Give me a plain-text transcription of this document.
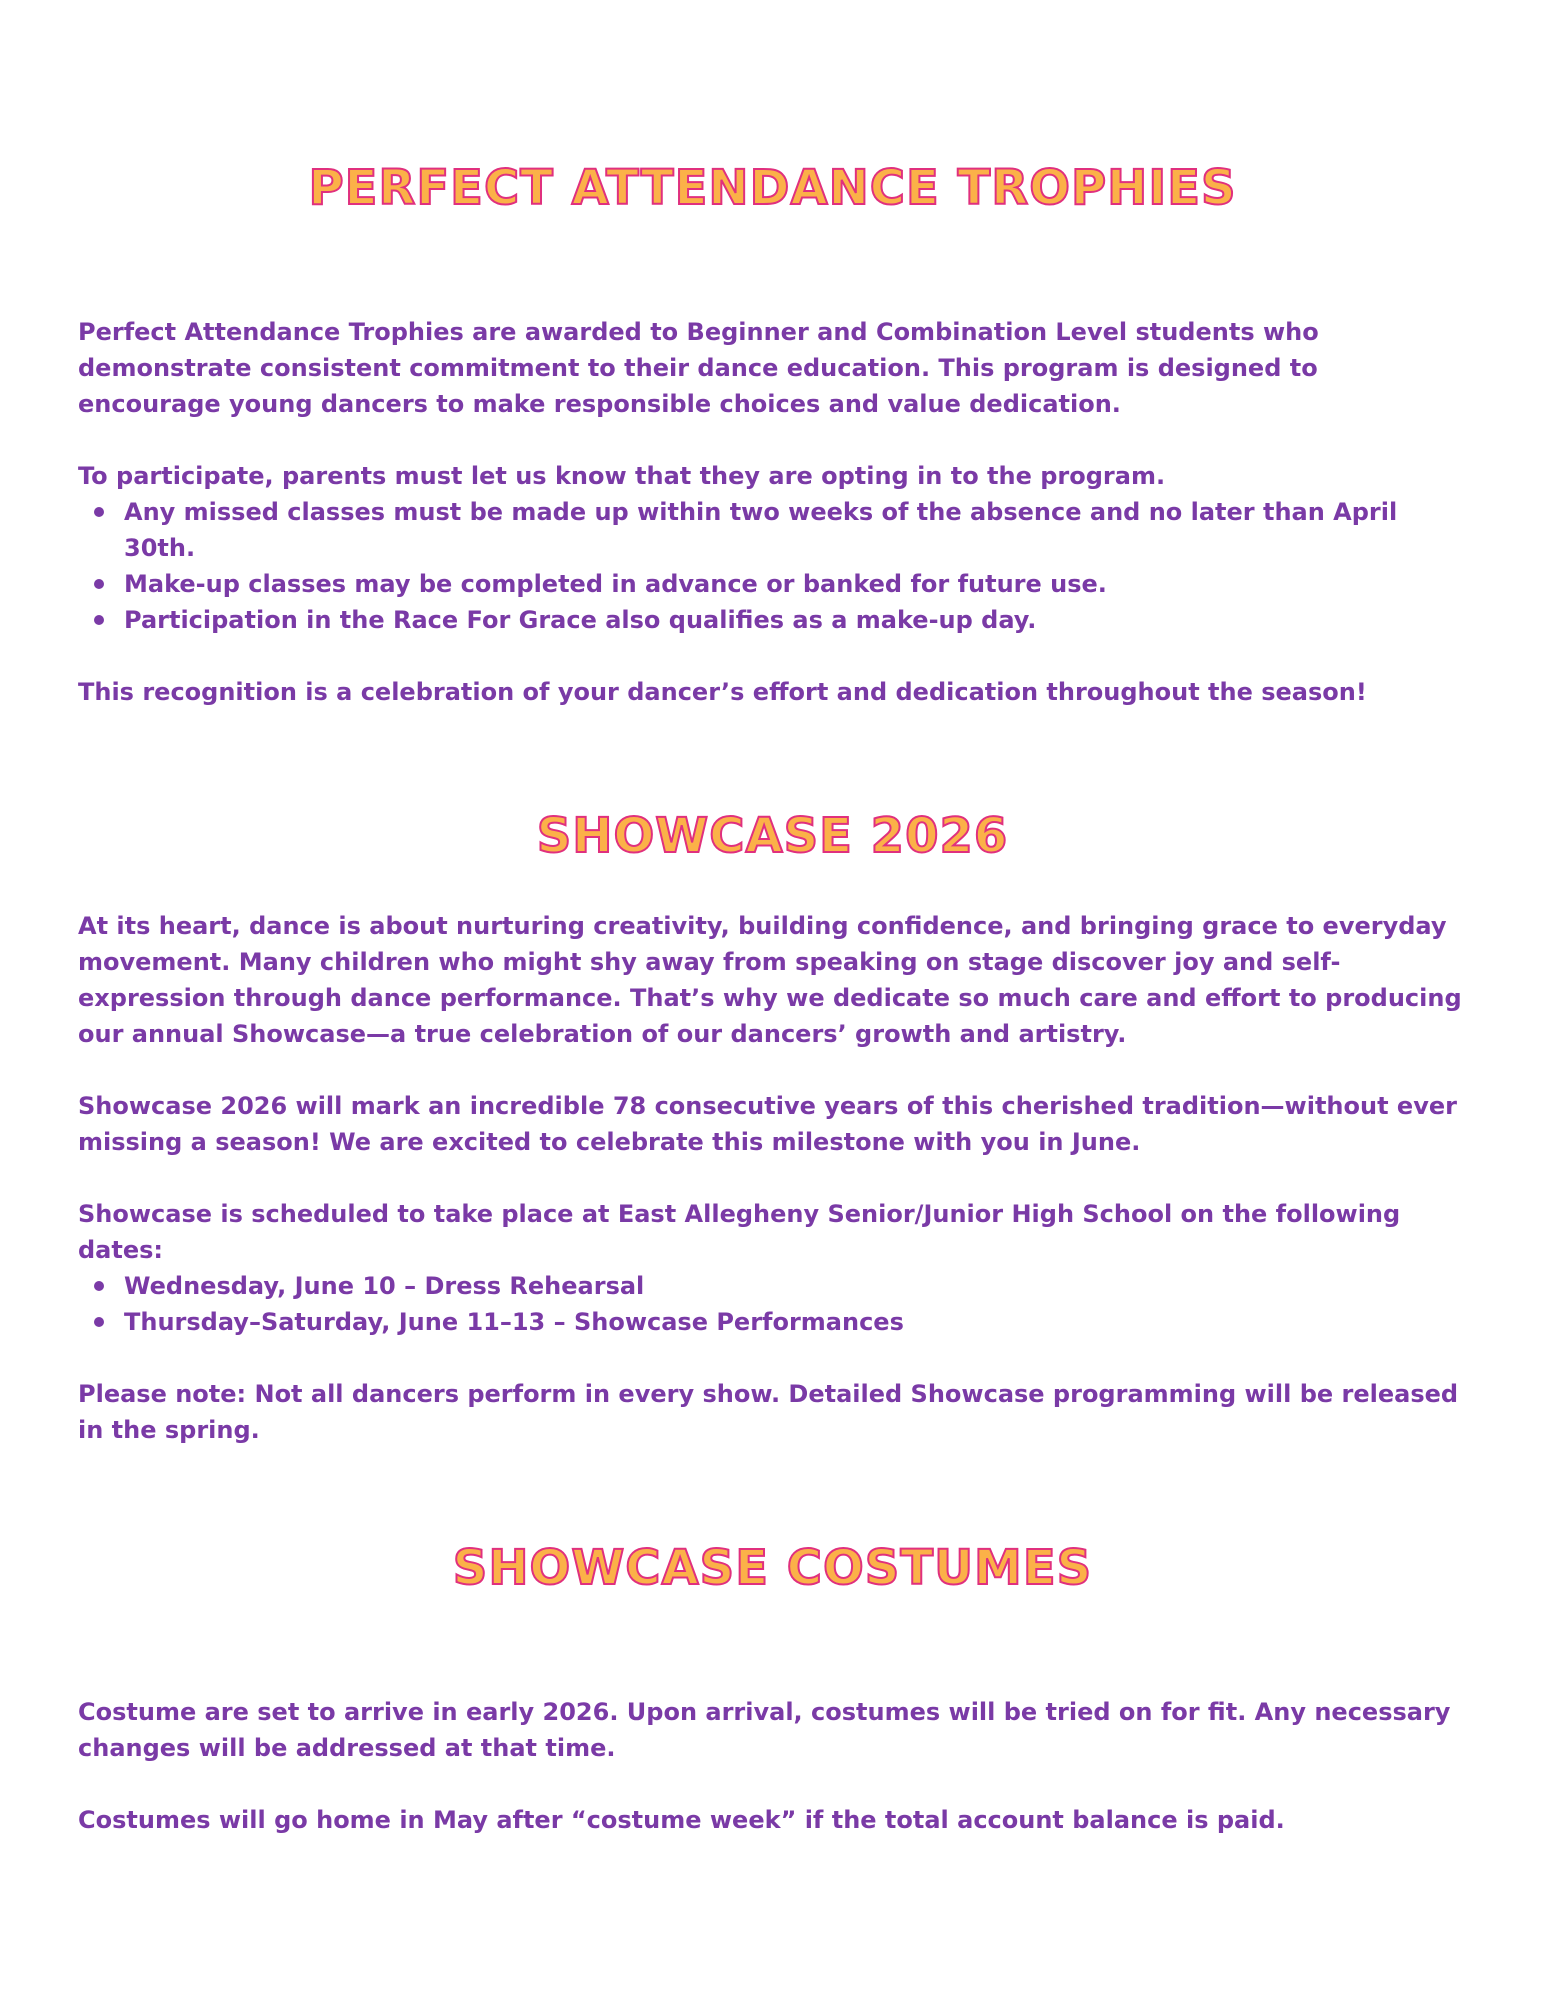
PERFECT ATTENDANCE TROPHIES

Perfect Attendance Trophies are awarded to Beginner and Combination Level students who demonstrate consistent commitment to their dance education. This program is designed to encourage young dancers to make responsible choices and value dedication.

To participate, parents must let us know that they are opting in to the program.

Any missed classes must be made up within two weeks of the absence and no later than April 30th.
Make-up classes may be completed in advance or banked for future use.
Participation in the Race For Grace also qualifies as a make-up day.

This recognition is a celebration of your dancer’s effort and dedication throughout the season!

SHOWCASE 2026

At its heart, dance is about nurturing creativity, building confidence, and bringing grace to everyday movement. Many children who might shy away from speaking on stage discover joy and self-expression through dance performance. That’s why we dedicate so much care and effort to producing our annual Showcase—a true celebration of our dancers’ growth and artistry.

Showcase 2026 will mark an incredible 78 consecutive years of this cherished tradition—without ever missing a season! We are excited to celebrate this milestone with you in June.

Showcase is scheduled to take place at East Allegheny Senior/Junior High School on the following dates:

Wednesday, June 10 – Dress Rehearsal
Thursday–Saturday, June 11–13 – Showcase Performances

Please note: Not all dancers perform in every show. Detailed Showcase programming will be released in the spring.

SHOWCASE COSTUMES

Costume are set to arrive in early 2026. Upon arrival, costumes will be tried on for fit. Any necessary changes will be addressed at that time.

Costumes will go home in May after “costume week” if the total account balance is paid.
